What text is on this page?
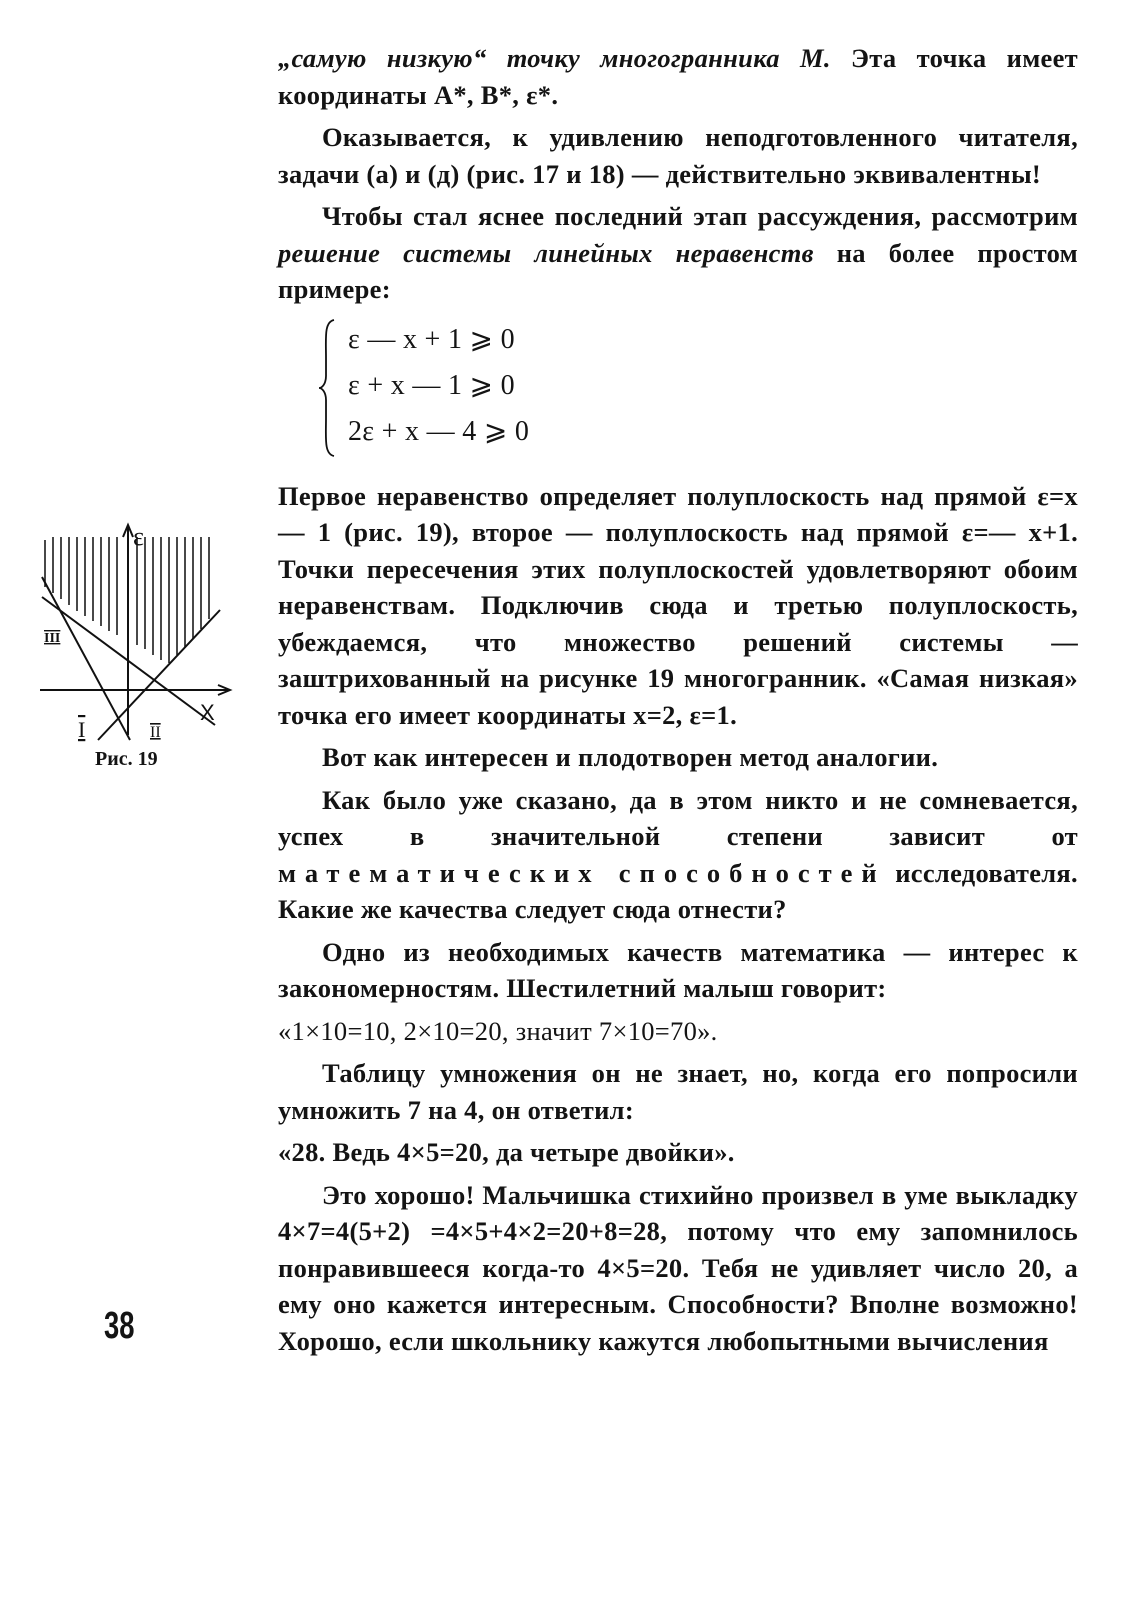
ε
X
III
I	II
Рис. 19
38

„самую низкую“ точку многогранника M. Эта точка имеет координаты A*, B*, ε*.

Оказывается, к удивлению неподготовленного читателя, задачи (а) и (д) (рис. 17 и 18) — действительно эквивалентны!

Чтобы стал яснее последний этап рассуждения, рассмотрим решение системы линейных неравенств на более простом примере:

ε — x + 1 ⩾ 0
ε + x — 1 ⩾ 0
2ε + x — 4 ⩾ 0

Первое неравенство определяет полуплоскость над прямой ε=x — 1 (рис. 19), второе — полуплоскость над прямой ε=— x+1. Точки пересечения этих полуплоскостей удовлетворяют обоим неравенствам. Подключив сюда и третью полуплоскость, убеждаемся, что множество решений системы — заштрихованный на рисунке 19 многогранник. «Самая низкая» точка его имеет координаты x=2, ε=1.

Вот как интересен и плодотворен метод аналогии.

Как было уже сказано, да в этом никто и не сомневается, успех в значительной степени зависит от математических способностей исследователя. Какие же качества следует сюда отнести?

Одно из необходимых качеств математика — интерес к закономерностям. Шестилетний малыш говорит:

«1×10=10, 2×10=20, значит 7×10=70».

Таблицу умножения он не знает, но, когда его попросили умножить 7 на 4, он ответил:

«28. Ведь 4×5=20, да четыре двойки».

Это хорошо! Мальчишка стихийно произвел в уме выкладку 4×7=4(5+2) =4×5+4×2=20+8=28, потому что ему запомнилось понравившееся когда-то 4×5=20. Тебя не удивляет число 20, а ему оно кажется интересным. Способности? Вполне возможно! Хорошо, если школьнику кажутся любопытными вычисления
